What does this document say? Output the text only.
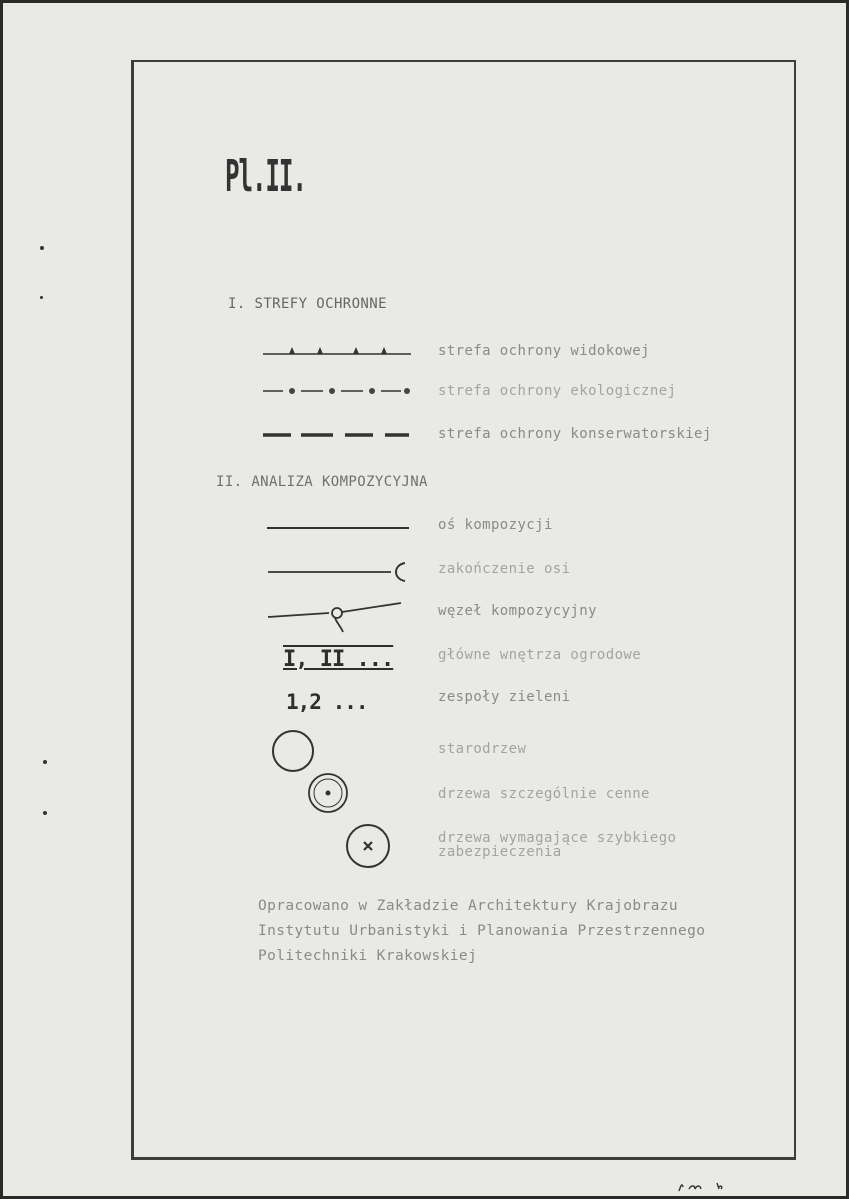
Pl.II.
I. STREFY OCHRONNE
strefa ochrony widokowej
strefa ochrony ekologicznej
strefa ochrony konserwatorskiej
II. ANALIZA KOMPOZYCYJNA
oś kompozycji
zakończenie osi
węzeł kompozycyjny
I, II ...	główne wnętrza ogrodowe
1,2 ...	zespoły zieleni
starodrzew
drzewa szczególnie cenne
drzewa wymagające szybkiego zabezpieczenia
Opracowano w Zakładzie Architektury Krajobrazu
Instytutu Urbanistyki i Planowania Przestrzennego
Politechniki Krakowskiej
